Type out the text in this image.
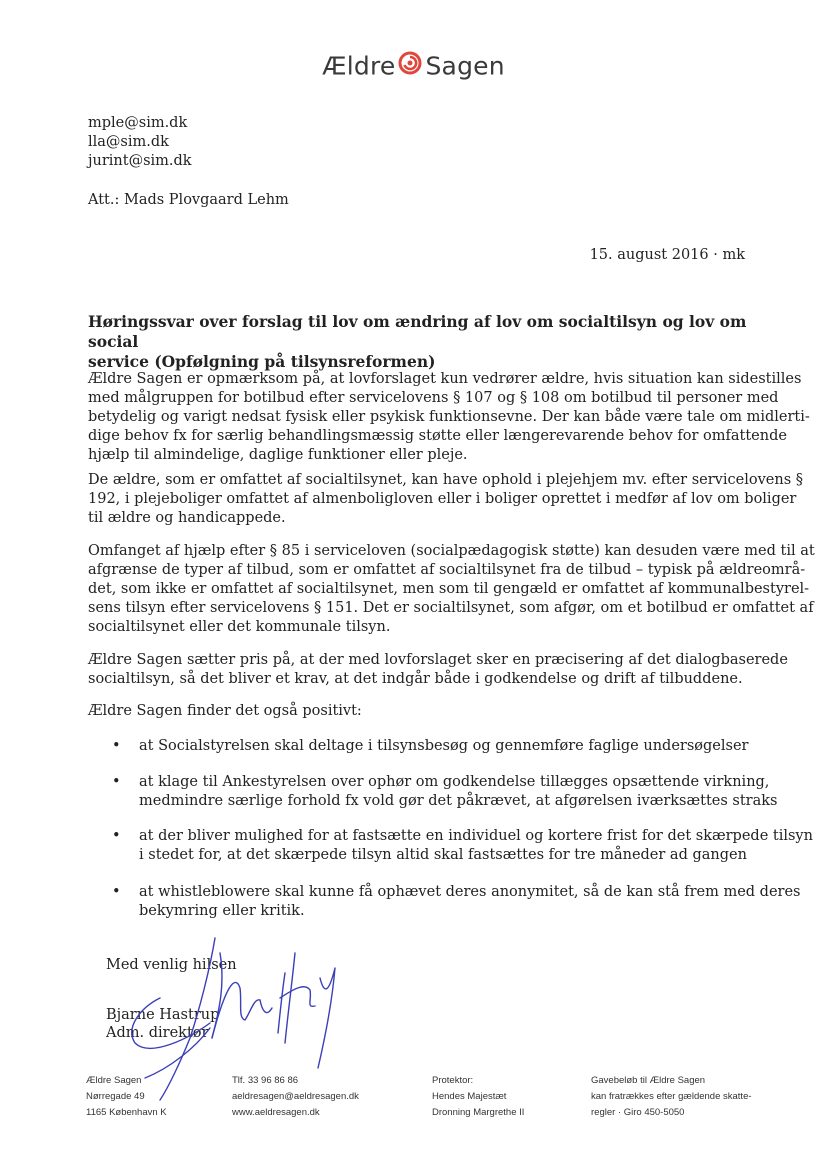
Ældre Sagen
mple@sim.dk
lla@sim.dk
jurint@sim.dk
Att.: Mads Plovgaard Lehm
15. august 2016 · mk
Høringssvar over forslag til lov om ændring af lov om socialtilsyn og lov om social
service (Opfølgning på tilsynsreformen)

Ældre Sagen er opmærksom på, at lovforslaget kun vedrører ældre, hvis situation kan sidestilles

med målgruppen for botilbud efter servicelovens § 107 og § 108 om botilbud til personer med

betydelig og varigt nedsat fysisk eller psykisk funktionsevne. Der kan både være tale om midlerti-

dige behov fx for særlig behandlingsmæssig støtte eller længerevarende behov for omfattende

hjælp til almindelige, daglige funktioner eller pleje.

De ældre, som er omfattet af socialtilsynet, kan have ophold i plejehjem mv. efter servicelovens §

192, i plejeboliger omfattet af almenboligloven eller i boliger oprettet i medfør af lov om boliger

til ældre og handicappede.

Omfanget af hjælp efter § 85 i serviceloven (socialpædagogisk støtte) kan desuden være med til at

afgrænse de typer af tilbud, som er omfattet af socialtilsynet fra de tilbud – typisk på ældreområ-

det, som ikke er omfattet af socialtilsynet, men som til gengæld er omfattet af kommunalbestyrel-

sens tilsyn efter servicelovens § 151. Det er socialtilsynet, som afgør, om et botilbud er omfattet af

socialtilsynet eller det kommunale tilsyn.

Ældre Sagen sætter pris på, at der med lovforslaget sker en præcisering af det dialogbaserede

socialtilsyn, så det bliver et krav, at det indgår både i godkendelse og drift af tilbuddene.

Ældre Sagen finder det også positivt:

• at Socialstyrelsen skal deltage i tilsynsbesøg og gennemføre faglige undersøgelser
• at klage til Ankestyrelsen over ophør om godkendelse tillægges opsættende virkning,
medmindre særlige forhold fx vold gør det påkrævet, at afgørelsen iværksættes straks
• at der bliver mulighed for at fastsætte en individuel og kortere frist for det skærpede tilsyn
i stedet for, at det skærpede tilsyn altid skal fastsættes for tre måneder ad gangen
• at whistleblowere skal kunne få ophævet deres anonymitet, så de kan stå frem med deres
bekymring eller kritik.
Med venlig hilsen
Bjarne Hastrup
Adm. direktør
Ældre Sagen
Nørregade 49
1165 København K
Tlf. 33 96 86 86
aeldresagen@aeldresagen.dk
www.aeldresagen.dk
Protektor:
Hendes Majestæt
Dronning Margrethe II
Gavebeløb til Ældre Sagen
kan fratrækkes efter gældende skatte-
regler · Giro 450-5050
